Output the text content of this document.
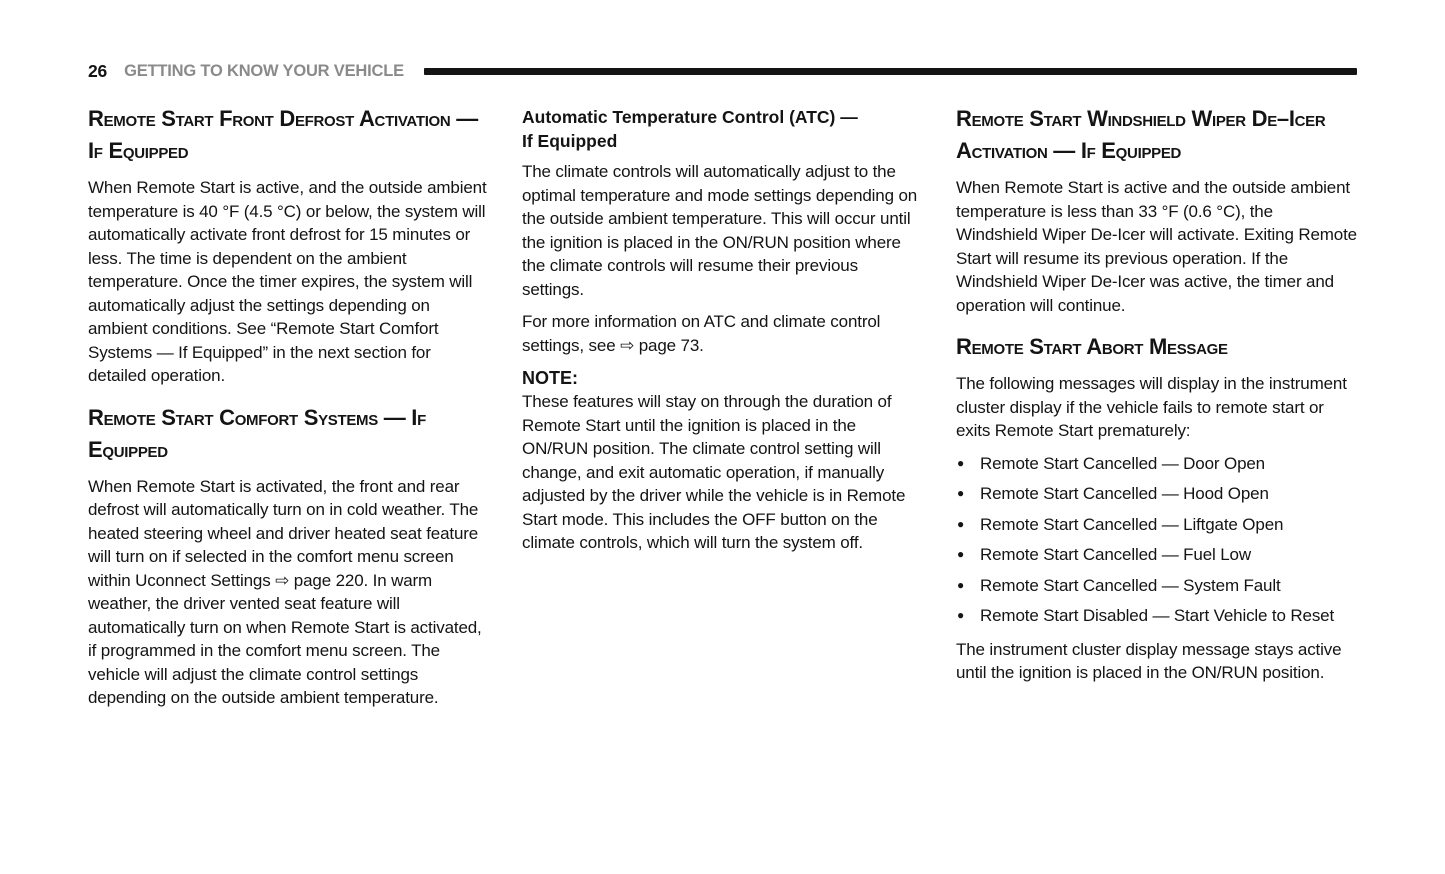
26 GETTING TO KNOW YOUR VEHICLE
Remote Start Front Defrost Activation — If Equipped

When Remote Start is active, and the outside ambient temperature is 40 °F (4.5 °C) or below, the system will automatically activate front defrost for 15 minutes or less. The time is dependent on the ambient temperature. Once the timer expires, the system will automatically adjust the settings depending on ambient conditions. See “Remote Start Comfort Systems — If Equipped” in the next section for detailed operation.

Remote Start Comfort Systems — If Equipped

When Remote Start is activated, the front and rear defrost will automatically turn on in cold weather. The heated steering wheel and driver heated seat feature will turn on if selected in the comfort menu screen within Uconnect Settings ⇨ page 220. In warm weather, the driver vented seat feature will automatically turn on when Remote Start is activated, if programmed in the comfort menu screen. The vehicle will adjust the climate control settings depending on the outside ambient temperature.

Automatic Temperature Control (ATC) —
If Equipped

The climate controls will automatically adjust to the optimal temperature and mode settings depending on the outside ambient temperature. This will occur until the ignition is placed in the ON/RUN position where the climate controls will resume their previous settings.

For more information on ATC and climate control settings, see ⇨ page 73.

NOTE:

These features will stay on through the duration of Remote Start until the ignition is placed in the ON/RUN position. The climate control setting will change, and exit automatic operation, if manually adjusted by the driver while the vehicle is in Remote Start mode. This includes the OFF button on the climate controls, which will turn the system off.

Remote Start Windshield Wiper De–Icer Activation — If Equipped

When Remote Start is active and the outside ambient temperature is less than 33 °F (0.6 °C), the Windshield Wiper De-Icer will activate. Exiting Remote Start will resume its previous operation. If the Windshield Wiper De-Icer was active, the timer and operation will continue.

Remote Start Abort Message

The following messages will display in the instrument cluster display if the vehicle fails to remote start or exits Remote Start prematurely:

● Remote Start Cancelled — Door Open
● Remote Start Cancelled — Hood Open
● Remote Start Cancelled — Liftgate Open
● Remote Start Cancelled — Fuel Low
● Remote Start Cancelled — System Fault
● Remote Start Disabled — Start Vehicle to Reset

The instrument cluster display message stays active until the ignition is placed in the ON/RUN position.
